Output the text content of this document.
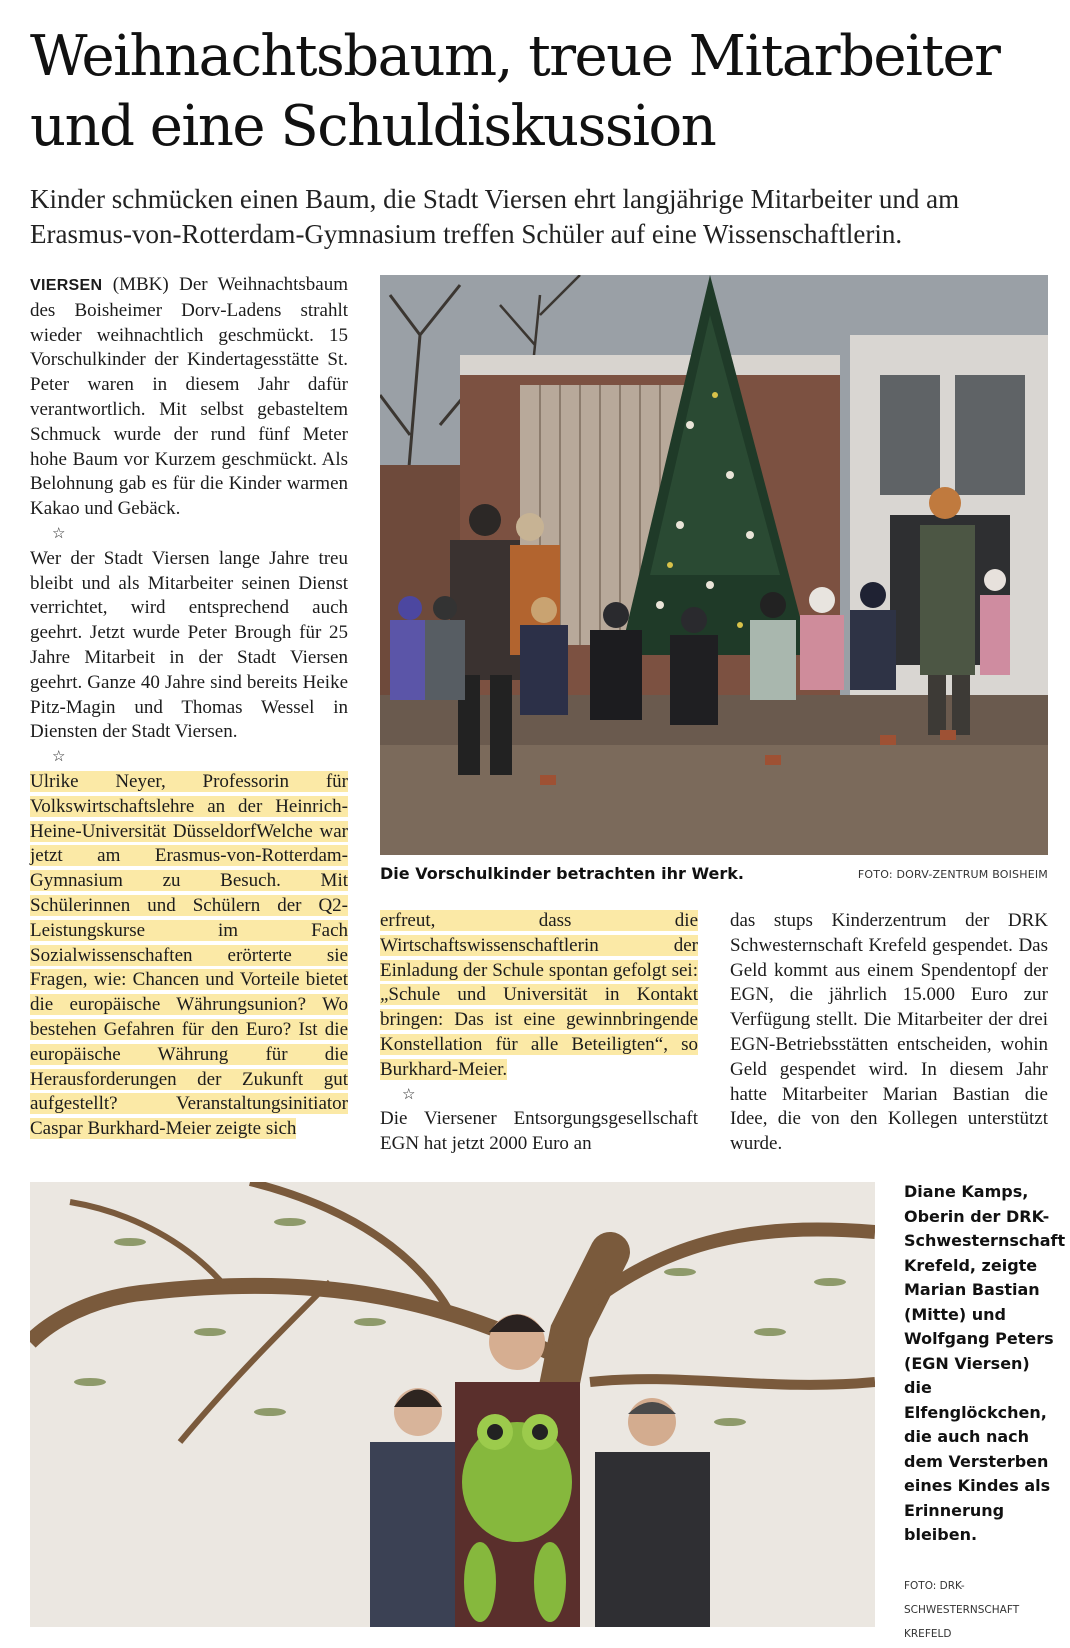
Weihnachtsbaum, treue Mitarbeiter und eine Schuldiskussion

Kinder schmücken einen Baum, die Stadt Viersen ehrt langjährige Mitarbeiter und am Erasmus-von-Rotterdam-Gymnasium treffen Schüler auf eine Wissenschaftlerin.

VIERSEN (MBK) Der Weihnachtsbaum des Boisheimer Dorv-Ladens strahlt wieder weihnachtlich geschmückt. 15 Vorschulkinder der Kindertagesstätte St. Peter waren in diesem Jahr dafür verantwortlich. Mit selbst gebasteltem Schmuck wurde der rund fünf Meter hohe Baum vor Kurzem geschmückt. Als Belohnung gab es für die Kinder warmen Kakao und Gebäck.

☆

Wer der Stadt Viersen lange Jahre treu bleibt und als Mitarbeiter seinen Dienst verrichtet, wird entsprechend auch geehrt. Jetzt wurde Peter Brough für 25 Jahre Mitarbeit in der Stadt Viersen geehrt. Ganze 40 Jahre sind bereits Heike Pitz-Magin und Thomas Wessel in Diensten der Stadt Viersen.

☆

Ulrike Neyer, Professorin für Volkswirtschaftslehre an der Heinrich-Heine-Universität DüsseldorfWelche war jetzt am Erasmus-von-Rotterdam-Gymnasium zu Besuch. Mit Schülerinnen und Schülern der Q2-Leistungskurse im Fach Sozialwissenschaften erörterte sie Fragen, wie: Chancen und Vorteile bietet die europäische Währungsunion? Wo bestehen Gefahren für den Euro? Ist die europäische Währung für die Herausforderungen der Zukunft gut aufgestellt? Veranstaltungsinitiator Caspar Burkhard-Meier zeigte sich

Die Vorschulkinder betrachten ihr Werk.	FOTO: DORV-ZENTRUM BOISHEIM

erfreut, dass die Wirtschaftswissenschaftlerin der Einladung der Schule spontan gefolgt sei: „Schule und Universität in Kontakt bringen: Das ist eine gewinnbringende Konstellation für alle Beteiligten“, so Burkhard-Meier.

☆

Die Viersener Entsorgungsgesellschaft EGN hat jetzt 2000 Euro an

das stups Kinderzentrum der DRK Schwesternschaft Krefeld gespendet. Das Geld kommt aus einem Spendentopf der EGN, die jährlich 15.000 Euro zur Verfügung stellt. Die Mitarbeiter der drei EGN-Betriebsstätten entscheiden, wohin Geld gespendet wird. In diesem Jahr hatte Mitarbeiter Marian Bastian die Idee, die von den Kollegen unterstützt wurde.

Diane Kamps, Oberin der DRK-Schwesternschaft Krefeld, zeigte Marian Bastian (Mitte) und Wolfgang Peters (EGN Viersen) die Elfenglöckchen, die auch nach dem Versterben eines Kindes als Erinnerung bleiben.

FOTO: DRK-SCHWESTERNSCHAFT KREFELD
